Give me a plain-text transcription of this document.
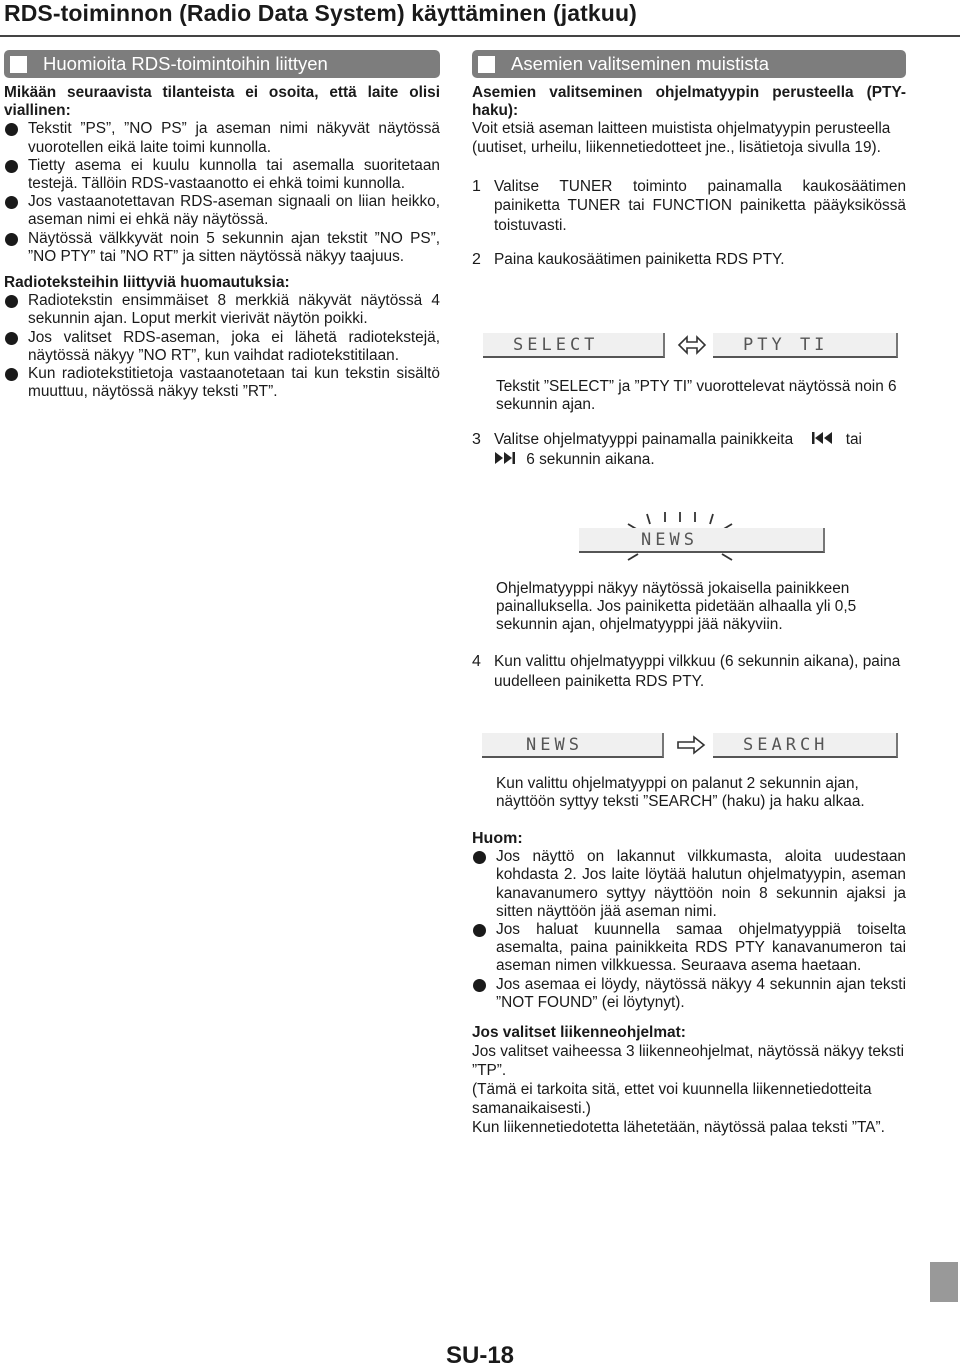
RDS-toiminnon (Radio Data System) käyttäminen (jatkuu)
Huomioita RDS-toimintoihin liittyen
Mikään seuraavista tilanteista ei osoita, että laite olisi viallinen:
Tekstit ”PS”, ”NO PS” ja aseman nimi näkyvät näytössä vuorotellen eikä laite toimi kunnolla.
Tietty asema ei kuulu kunnolla tai asemalla suoritetaan testejä. Tällöin RDS-vastaanotto ei ehkä toimi kunnolla.
Jos vastaanotettavan RDS-aseman signaali on liian heikko, aseman nimi ei ehkä näy näytössä.
Näytössä välkkyvät noin 5 sekunnin ajan tekstit ”NO PS”, ”NO PTY” tai ”NO RT” ja sitten näytössä näkyy taajuus.
Radioteksteihin liittyviä huomautuksia:
Radiotekstin ensimmäiset 8 merkkiä näkyvät näytössä 4 sekunnin ajan. Loput merkit vierivät näytön poikki.
Jos valitset RDS-aseman, joka ei lähetä radiotekstejä, näytössä näkyy ”NO RT”, kun vaihdat radiotekstitilaan.
Kun radiotekstitietoja vastaanotetaan tai kun tekstin sisältö muuttuu, näytössä näkyy teksti ”RT”.
Asemien valitseminen muistista
Asemien valitseminen ohjelmatyypin perusteella (PTY-haku):
Voit etsiä aseman laitteen muistista ohjelmatyypin perusteella (uutiset, urheilu, liikennetiedotteet jne., lisätietoja sivulla 19).
1 Valitse TUNER toiminto painamalla kaukosäätimen painiketta TUNER tai FUNCTION painiketta pääyksikössä toistuvasti.
2 Paina kaukosäätimen painiketta RDS PTY.
SELECT	PTY TI
Tekstit ”SELECT” ja ”PTY TI” vuorottelevat näytössä noin 6 sekunnin ajan.
3 Valitse ohjelmatyyppi painamalla painikkeita	tai
6 sekunnin aikana.
NEWS
Ohjelmatyyppi näkyy näytössä jokaisella painikkeen painalluksella. Jos painiketta pidetään alhaalla yli 0,5 sekunnin ajan, ohjelmatyyppi jää näkyviin.
4 Kun valittu ohjelmatyyppi vilkkuu (6 sekunnin aikana), paina uudelleen painiketta RDS PTY.
NEWS	SEARCH
Kun valittu ohjelmatyyppi on palanut 2 sekunnin ajan, näyttöön syttyy teksti ”SEARCH” (haku) ja haku alkaa.
Huom:
Jos näyttö on lakannut vilkkumasta, aloita uudestaan kohdasta 2. Jos laite löytää halutun ohjelmatyypin, aseman kanavanumero syttyy näyttöön noin 8 sekunnin ajaksi ja sitten näyttöön jää aseman nimi.
Jos haluat kuunnella samaa ohjelmatyyppiä toiselta asemalta, paina painikkeita RDS PTY kanavanumeron tai aseman nimen vilkkuessa. Seuraava asema haetaan.
Jos asemaa ei löydy, näytössä näkyy 4 sekunnin ajan teksti ”NOT FOUND” (ei löytynyt).
Jos valitset liikenneohjelmat:
Jos valitset vaiheessa 3 liikenneohjelmat, näytössä näkyy teksti ”TP”.
(Tämä ei tarkoita sitä, ettet voi kuunnella liikennetiedotteita samanaikaisesti.)
Kun liikennetiedotetta lähetetään, näytössä palaa teksti ”TA”.
SU-18
